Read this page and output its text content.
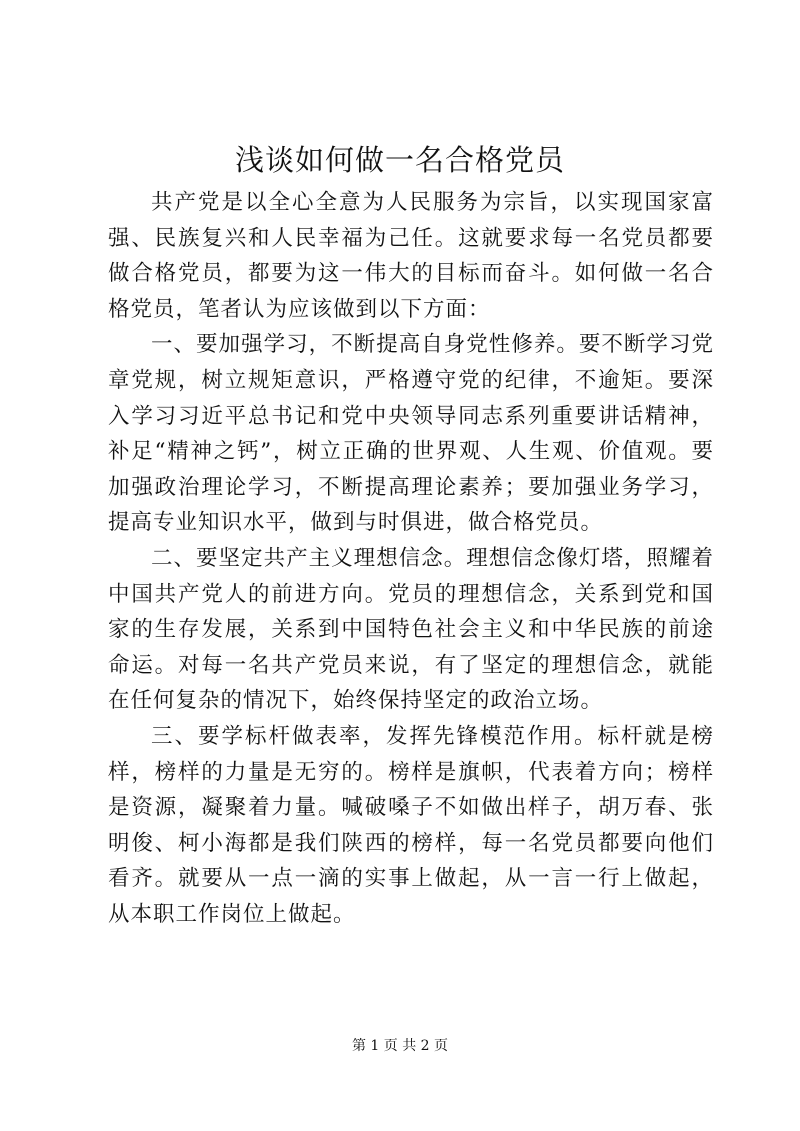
浅谈如何做一名合格党员

共产党是以全心全意为人民服务为宗旨，以实现国家富强、民族复兴和人民幸福为己任。这就要求每一名党员都要做合格党员，都要为这一伟大的目标而奋斗。如何做一名合格党员，笔者认为应该做到以下方面：

一、要加强学习，不断提高自身党性修养。要不断学习党章党规，树立规矩意识，严格遵守党的纪律，不逾矩。要深入学习习近平总书记和党中央领导同志系列重要讲话精神，补足“精神之钙”，树立正确的世界观、人生观、价值观。要加强政治理论学习，不断提高理论素养；要加强业务学习，提高专业知识水平，做到与时俱进，做合格党员。

二、要坚定共产主义理想信念。理想信念像灯塔，照耀着中国共产党人的前进方向。党员的理想信念，关系到党和国家的生存发展，关系到中国特色社会主义和中华民族的前途命运。对每一名共产党员来说，有了坚定的理想信念，就能在任何复杂的情况下，始终保持坚定的政治立场。

三、要学标杆做表率，发挥先锋模范作用。标杆就是榜样，榜样的力量是无穷的。榜样是旗帜，代表着方向；榜样是资源，凝聚着力量。喊破嗓子不如做出样子，胡万春、张明俊、柯小海都是我们陕西的榜样，每一名党员都要向他们看齐。就要从一点一滴的实事上做起，从一言一行上做起，从本职工作岗位上做起。

第 1 页 共 2 页
